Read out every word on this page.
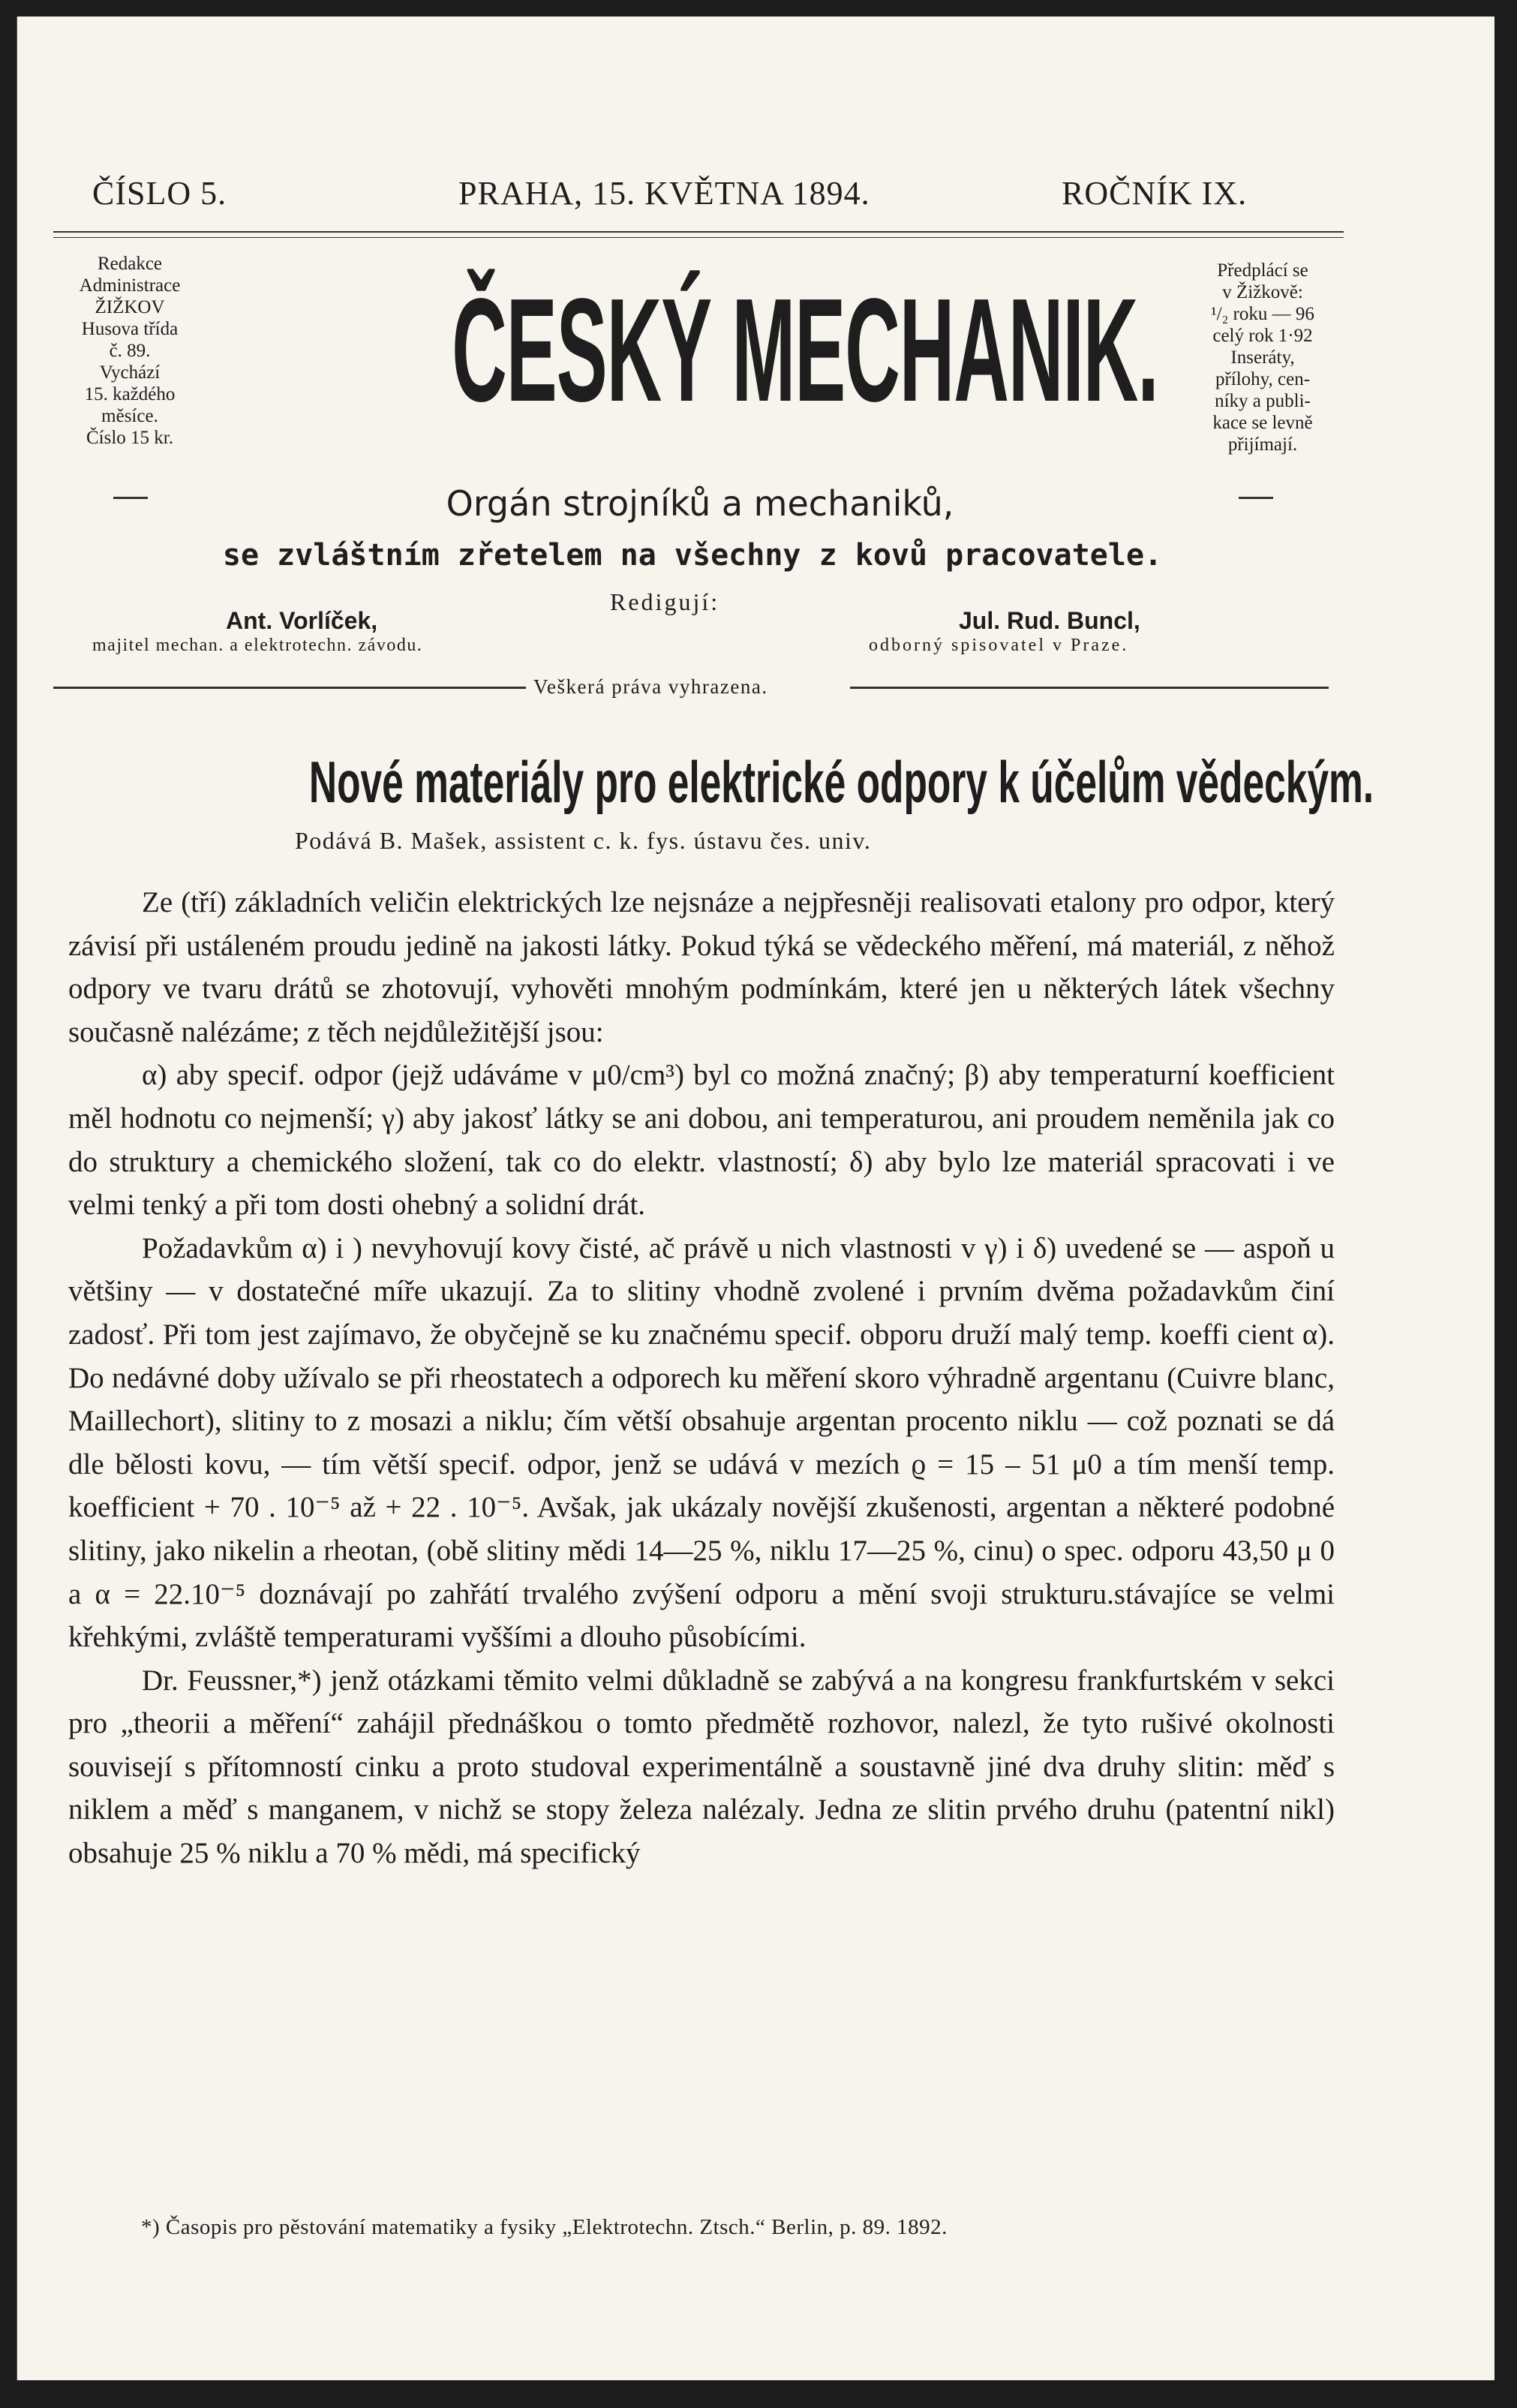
ČÍSLO 5.	PRAHA, 15. KVĚTNA 1894.	ROČNÍK IX.
Redakce
Administrace
ŽIŽKOV
Husova třída
č. 89.
Vychází
15. každého
měsíce.
Číslo 15 kr.
ČESKÝ MECHANIK.	Předplácí se
v Žižkově:
¹/₂ roku — 96
celý rok 1·92
Inseráty,
přílohy, cen-
níky a publi-
kace se levně
přijímají.
Orgán strojníků a mechaniků,
se zvláštním zřetelem na všechny z kovů pracovatele.
Ant. Vorlíček,
majitel mechan. a elektrotechn. závodu.
Redigují:
Jul. Rud. Buncl,
odborný spisovatel v Praze.
Veškerá práva vyhrazena.
Nové materiály pro elektrické odpory k účelům vědeckým.
Podává B. Mašek, assistent c. k. fys. ústavu čes. univ.

Ze (tří) základních veličin elektrických lze nejsnáze a nejpřesněji realisovati etalony pro odpor, který závisí při ustáleném proudu jedině na jakosti látky. Pokud týká se vědeckého měření, má materiál, z něhož odpory ve tvaru drátů se zhotovují, vyhověti mnohým podmínkám, které jen u některých látek všechny současně nalézáme; z těch nejdůležitější jsou:

α) aby specif. odpor (jejž udáváme v μ0/cm³) byl co možná značný; β) aby temperaturní koefficient měl hodnotu co nejmenší; γ) aby jakosť látky se ani dobou, ani temperaturou, ani proudem neměnila jak co do struktury a chemického složení, tak co do elektr. vlastností; δ) aby bylo lze materiál spracovati i ve velmi tenký a při tom dosti ohebný a solidní drát.

Požadavkům α) i ) nevyhovují kovy čisté, ač právě u nich vlastnosti v γ) i δ) uvedené se — aspoň u většiny — v dostatečné míře ukazují. Za to slitiny vhodně zvolené i prvním dvěma požadavkům činí zadosť. Při tom jest zajímavo, že obyčejně se ku značnému specif. obporu druží malý temp. koeffi cient α). Do nedávné doby užívalo se při rheostatech a odporech ku měření skoro výhradně argentanu (Cuivre blanc, Maillechort), slitiny to z mosazi a niklu; čím větší obsahuje argentan procento niklu — což poznati se dá dle bělosti kovu, — tím větší specif. odpor, jenž se udává v mezích ϱ = 15 – 51 μ0 a tím menší temp. koefficient + 70 . 10⁻⁵ až + 22 . 10⁻⁵. Avšak, jak ukázaly novější zkušenosti, argentan a některé podobné slitiny, jako nikelin a rheotan, (obě slitiny mědi 14—25 %, niklu 17—25 %, cinu) o spec. odporu 43,50 μ 0 a α = 22.10⁻⁵ doznávají po zahřátí trvalého zvýšení odporu a mění svoji strukturu.stávajíce se velmi křehkými, zvláště temperaturami vyššími a dlouho působícími.

Dr. Feussner,*) jenž otázkami těmito velmi důkladně se zabývá a na kongresu frankfurtském v sekci pro „theorii a měření“ zahájil přednáškou o tomto předmětě rozhovor, nalezl, že tyto rušivé okolnosti souvisejí s přítomností cinku a proto studoval experimentálně a soustavně jiné dva druhy slitin: měď s niklem a měď s manganem, v nichž se stopy železa nalézaly. Jedna ze slitin prvého druhu (patentní nikl) obsahuje 25 % niklu a 70 % mědi, má specifický

*) Časopis pro pěstování matematiky a fysiky „Elektrotechn. Ztsch.“ Berlin, p. 89. 1892.
